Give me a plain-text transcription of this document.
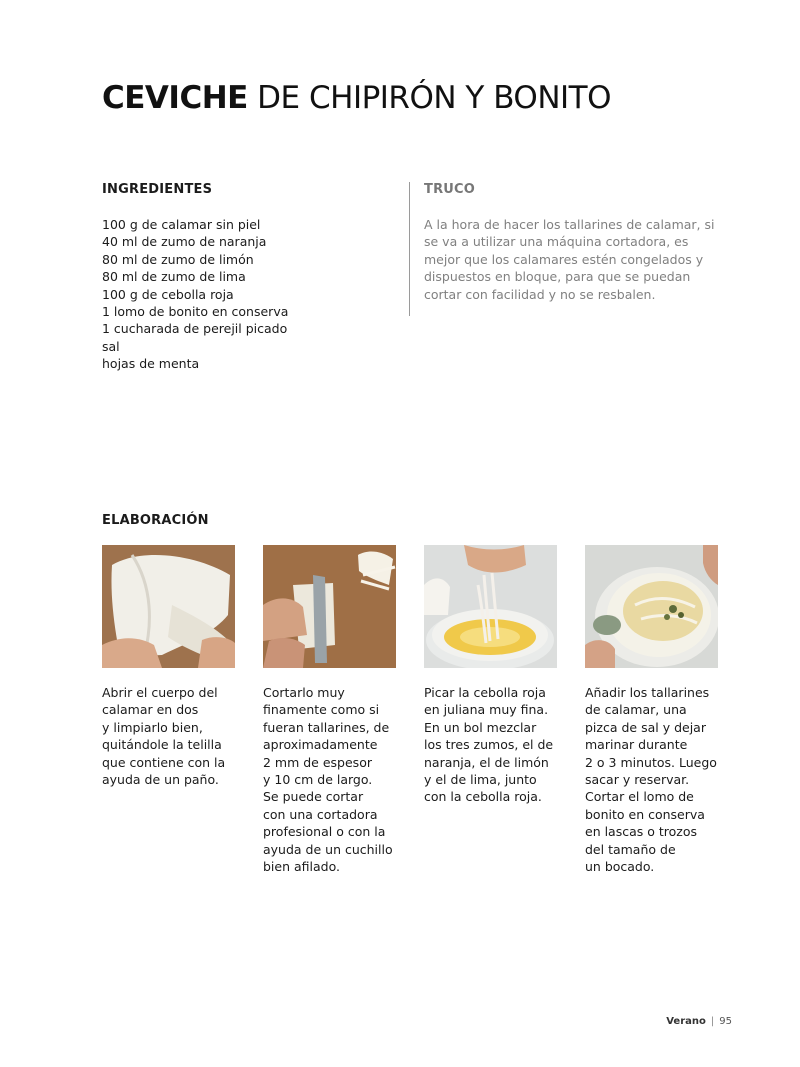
CEVICHE DE CHIPIRÓN Y BONITO
INGREDIENTES
100 g de calamar sin piel
40 ml de zumo de naranja
80 ml de zumo de limón
80 ml de zumo de lima
100 g de cebolla roja
1 lomo de bonito en conserva
1 cucharada de perejil picado
sal
hojas de menta
TRUCO

A la hora de hacer los tallarines de calamar, si se va a utilizar una máquina cortadora, es mejor que los calamares estén congelados y dispuestos en bloque, para que se puedan cortar con facilidad y no se resbalen.

ELABORACIÓN

Abrir el cuerpo del
calamar en dos
y limpiarlo bien,
quitándole la telilla
que contiene con la
ayuda de un paño.

Cortarlo muy
finamente como si
fueran tallarines, de
aproximadamente
2 mm de espesor
y 10 cm de largo.
Se puede cortar
con una cortadora
profesional o con la
ayuda de un cuchillo
bien afilado.

Picar la cebolla roja
en juliana muy fina.
En un bol mezclar
los tres zumos, el de
naranja, el de limón
y el de lima, junto
con la cebolla roja.

Añadir los tallarines
de calamar, una
pizca de sal y dejar
marinar durante
2 o 3 minutos. Luego
sacar y reservar.
Cortar el lomo de
bonito en conserva
en lascas o trozos
del tamaño de
un bocado.

Verano | 95
